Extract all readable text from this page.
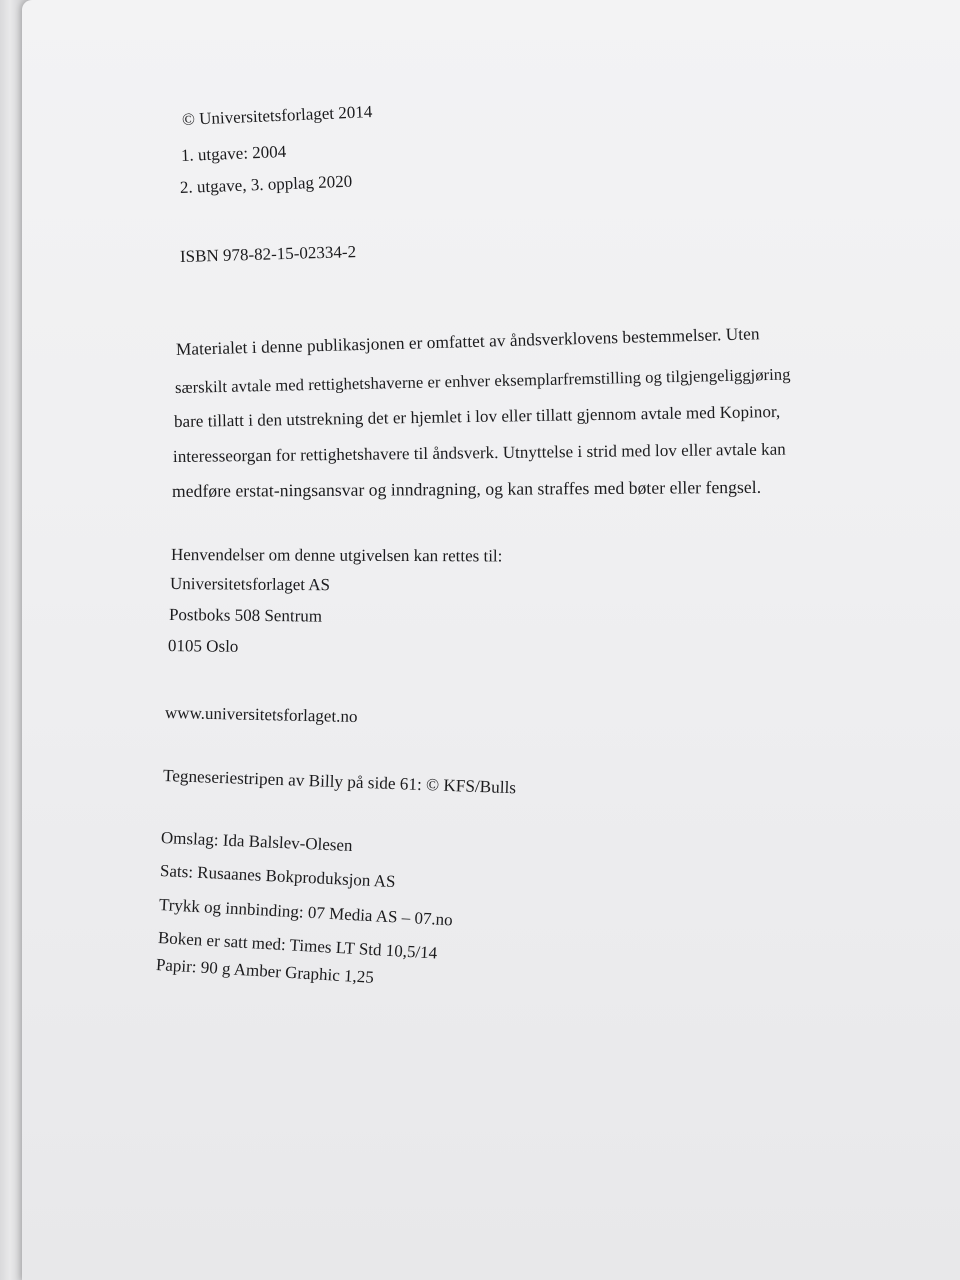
© Universitetsforlaget 2014
1. utgave: 2004
2. utgave, 3. opplag 2020
ISBN 978-82-15-02334-2
Materialet i denne publikasjonen er omfattet av åndsverklovens bestemmelser. Uten
særskilt avtale med rettighetshaverne er enhver eksemplarfremstilling og tilgjengeliggjøring
bare tillatt i den utstrekning det er hjemlet i lov eller tillatt gjennom avtale med Kopinor,
interesseorgan for rettighetshavere til åndsverk. Utnyttelse i strid med lov eller avtale kan
medføre erstat-ningsansvar og inndragning, og kan straffes med bøter eller fengsel.
Henvendelser om denne utgivelsen kan rettes til:
Universitetsforlaget AS
Postboks 508 Sentrum
0105 Oslo
www.universitetsforlaget.no
Tegneseriestripen av Billy på side 61: © KFS/Bulls
Omslag: Ida Balslev-Olesen
Sats: Rusaanes Bokproduksjon AS
Trykk og innbinding: 07 Media AS – 07.no
Boken er satt med: Times LT Std 10,5/14
Papir: 90 g Amber Graphic 1,25
